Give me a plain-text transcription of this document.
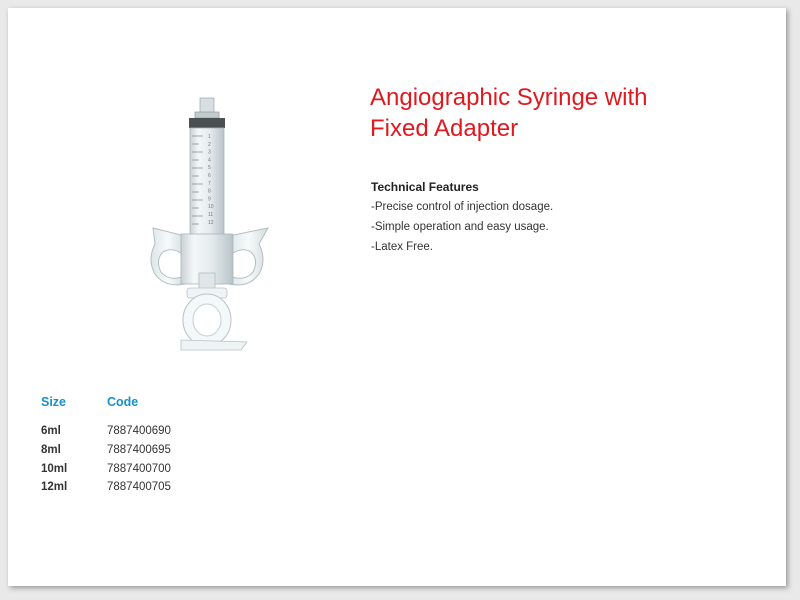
1
2
3
4
5
6
7
8
9
10
11
12
Angiographic Syringe with
Fixed Adapter

Technical Features

-Precise control of injection dosage.

-Simple operation and easy usage.

-Latex Free.

Size	Code
6ml	7887400690
8ml	7887400695
10ml	7887400700
12ml	7887400705
